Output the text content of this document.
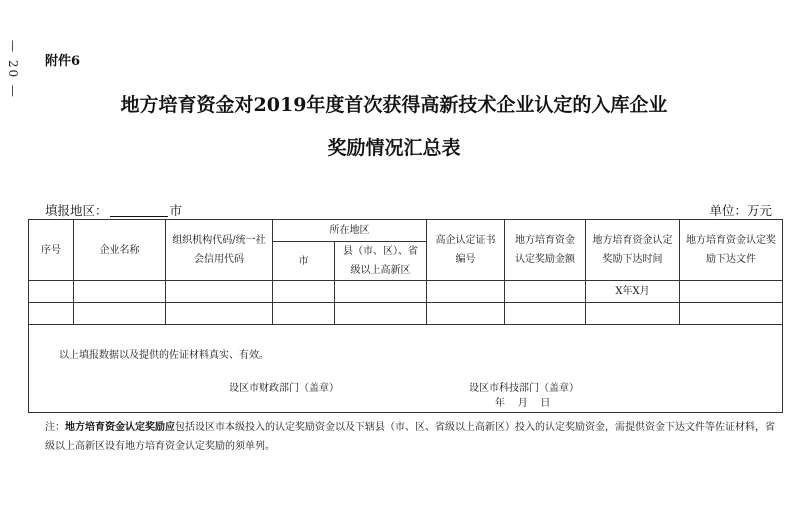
— 20 — 附件6
地方培育资金对2019年度首次获得高新技术企业认定的入库企业
奖励情况汇总表
填报地区：	市	单位：万元
序号	企业名称	组织机构代码/统一社会信用代码	所在地区		高企认定证书编号	地方培育资金认定奖励金额	地方培育资金认定奖励下达时间	地方培育资金认定奖励下达文件
			市	县（市、区）、省级以上高新区				
							X年X月	

以上填报数据以及提供的佐证材料真实、有效。
设区市财政部门（盖章）	设区市科技部门（盖章）
年    月    日
注：地方培育资金认定奖励应包括设区市本级投入的认定奖励资金以及下辖县（市、区、省级以上高新区）投入的认定奖励资金，需提供资金下达文件等佐证材料，省级以上高新区设有地方培育资金认定奖励的须单列。
